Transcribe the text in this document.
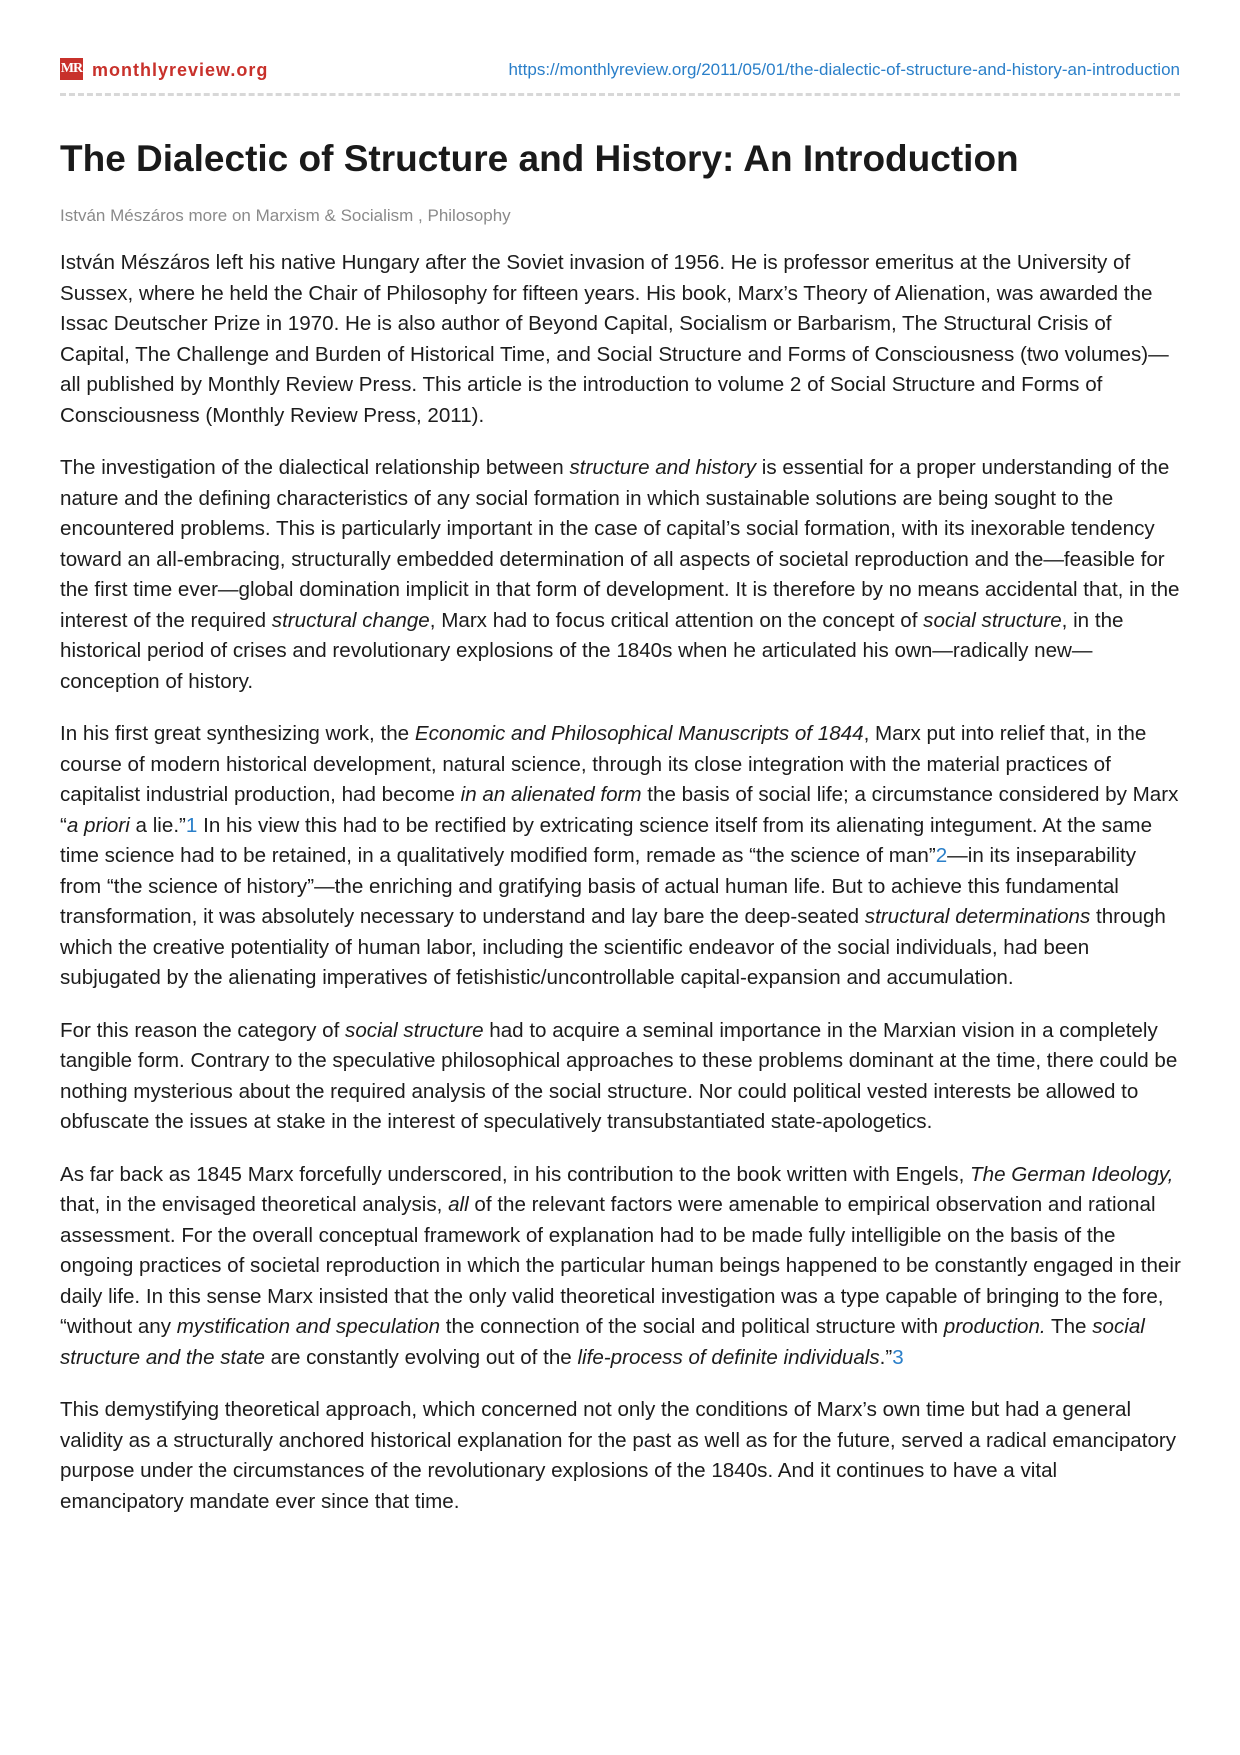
MR monthlyreview.org	https://monthlyreview.org/2011/05/01/the-dialectic-of-structure-and-history-an-introduction
The Dialectic of Structure and History: An Introduction
István Mészáros more on Marxism & Socialism , Philosophy

István Mészáros left his native Hungary after the Soviet invasion of 1956. He is professor emeritus at the University of Sussex, where he held the Chair of Philosophy for fifteen years. His book, Marx’s Theory of Alienation, was awarded the Issac Deutscher Prize in 1970. He is also author of Beyond Capital, Socialism or Barbarism, The Structural Crisis of Capital, The Challenge and Burden of Historical Time, and Social Structure and Forms of Consciousness (two volumes)—all published by Monthly Review Press. This article is the introduction to volume 2 of Social Structure and Forms of Consciousness (Monthly Review Press, 2011).

The investigation of the dialectical relationship between structure and history is essential for a proper understanding of the nature and the defining characteristics of any social formation in which sustainable solutions are being sought to the encountered problems. This is particularly important in the case of capital’s social formation, with its inexorable tendency toward an all-embracing, structurally embedded determination of all aspects of societal reproduction and the—feasible for the first time ever—global domination implicit in that form of development. It is therefore by no means accidental that, in the interest of the required structural change, Marx had to focus critical attention on the concept of social structure, in the historical period of crises and revolutionary explosions of the 1840s when he articulated his own—radically new—conception of history.

In his first great synthesizing work, the Economic and Philosophical Manuscripts of 1844, Marx put into relief that, in the course of modern historical development, natural science, through its close integration with the material practices of capitalist industrial production, had become in an alienated form the basis of social life; a circumstance considered by Marx “a priori a lie.”1 In his view this had to be rectified by extricating science itself from its alienating integument. At the same time science had to be retained, in a qualitatively modified form, remade as “the science of man”2—in its inseparability from “the science of history”—the enriching and gratifying basis of actual human life. But to achieve this fundamental transformation, it was absolutely necessary to understand and lay bare the deep-seated structural determinations through which the creative potentiality of human labor, including the scientific endeavor of the social individuals, had been subjugated by the alienating imperatives of fetishistic/uncontrollable capital-expansion and accumulation.

For this reason the category of social structure had to acquire a seminal importance in the Marxian vision in a completely tangible form. Contrary to the speculative philosophical approaches to these problems dominant at the time, there could be nothing mysterious about the required analysis of the social structure. Nor could political vested interests be allowed to obfuscate the issues at stake in the interest of speculatively transubstantiated state-apologetics.

As far back as 1845 Marx forcefully underscored, in his contribution to the book written with Engels, The German Ideology, that, in the envisaged theoretical analysis, all of the relevant factors were amenable to empirical observation and rational assessment. For the overall conceptual framework of explanation had to be made fully intelligible on the basis of the ongoing practices of societal reproduction in which the particular human beings happened to be constantly engaged in their daily life. In this sense Marx insisted that the only valid theoretical investigation was a type capable of bringing to the fore, “without any mystification and speculation the connection of the social and political structure with production. The social structure and the state are constantly evolving out of the life-process of definite individuals.”3

This demystifying theoretical approach, which concerned not only the conditions of Marx’s own time but had a general validity as a structurally anchored historical explanation for the past as well as for the future, served a radical emancipatory purpose under the circumstances of the revolutionary explosions of the 1840s. And it continues to have a vital emancipatory mandate ever since that time.
